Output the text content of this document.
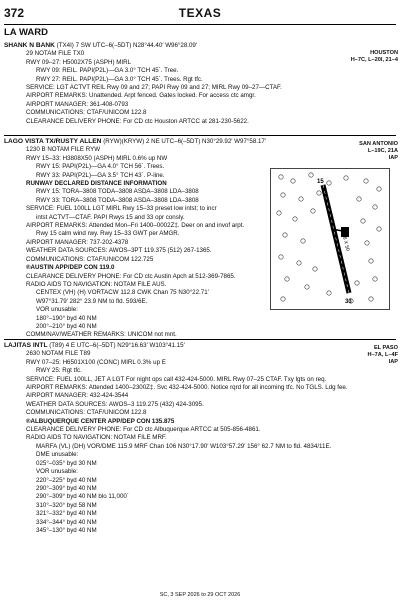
372	TEXAS
LA WARD
SHANK N BANK (TX4I) 7 SW UTC–6(–5DT) N28°44.40′ W96°28.09′
29 NOTAM FILE TX0
RWY 09–27: H5002X75 (ASPH) MIRL
RWY 09: REIL. PAPI(P2L)—GA 3.0° TCH 45´. Tree.
RWY 27: REIL. PAPI(P2L)—GA 3.0° TCH 45´. Trees. Rgt tfc.
SERVICE: LGT ACTVT REIL Rwy 09 and 27; PAPI Rwy 09 and 27; MIRL Rwy 09–27—CTAF.
AIRPORT REMARKS: Unattended. Arpt fenced. Gates locked. For access ctc amgr.
AIRPORT MANAGER: 361-408-0793
COMMUNICATIONS: CTAF/UNICOM 122.8
CLEARANCE DELIVERY PHONE: For CD ctc Houston ARTCC at 281-230-5622.
HOUSTON
H–7C, L–20I, 21–4
LAGO VISTA TX/RUSTY ALLEN (RYW)(KRYW) 2 NE UTC–6(–5DT) N30°29.92′ W97°58.17′
1230 B NOTAM FILE RYW
RWY 15–33: H3808X50 (ASPH) MIRL 0.6% up NW
RWY 15: PAPI(P2L)—GA 4.0° TCH 56´. Trees.
RWY 33: PAPI(P2L)—GA 3.5° TCH 43´. P-line.
RUNWAY DECLARED DISTANCE INFORMATION
RWY 15: TORA–3808 TODA–3808 ASDA–3808 LDA–3808
RWY 33: TORA–3808 TODA–3808 ASDA–3808 LDA–3808
SERVICE: FUEL 100LL LGT MIRL Rwy 15–33 preset low intst; to incr
intst ACTVT—CTAF. PAPI Rwys 15 and 33 opr consly.
AIRPORT REMARKS: Attended Mon–Fri 1400–0002Z‡. Deer on and invof arpt.
Rwy 15 calm wind rwy. Rwy 15–33 GWT per AMGR.
AIRPORT MANAGER: 737-202-4378
WEATHER DATA SOURCES: AWOS–3PT 119.375 (512) 267-1365.
COMMUNICATIONS: CTAF/UNICOM 122.725
®AUSTIN APP/DEP CON 119.0
CLEARANCE DELIVERY PHONE: For CD ctc Austin Apch at 512-369-7865.
RADIO AIDS TO NAVIGATION: NOTAM FILE AUS.
CENTEX (VH) (H) VORTACW 112.8 CWK Chan 75 N30°22.71′
W97°31.79′ 282° 23.9 NM to fld. 593/6E.
VOR unusable:
180°–190° byd 40 NM
200°–210° byd 40 NM
COMM/NAV/WEATHER REMARKS: UNICOM not mnt.
SAN ANTONIO
L–19C, 21A
IAP
15
33
3808 X 50
LAJITAS INTL (T89) 4 E UTC–6(–5DT) N29°16.63′ W103°41.15′
2630 NOTAM FILE T89
RWY 07–25: H6501X100 (CONC) MIRL 0.3% up E
RWY 25: Rgt tfc.
SERVICE: FUEL 100LL, JET A LGT For night ops call 432-424-5000. MIRL Rwy 07–25 CTAF. Txy lgts on req.
AIRPORT REMARKS: Attended 1400–2300Z‡. Svc 432-424-5000. Notice rqrd for all incoming tfc. No TGLS. Ldg fee.
AIRPORT MANAGER: 432-424-3544
WEATHER DATA SOURCES: AWOS–3 119.275 (432) 424-3095.
COMMUNICATIONS: CTAF/UNICOM 122.8
®ALBUQUERQUE CENTER APP/DEP CON 135.875
CLEARANCE DELIVERY PHONE: For CD ctc Albuquerque ARTCC at 505-856-4861.
RADIO AIDS TO NAVIGATION: NOTAM FILE MRF.
MARFA (VL) (DH) VOR/DME 115.9 MRF Chan 106 N30°17.90′ W103°57.29′ 156° 62.7 NM to fld. 4834/11E.
DME unusable:
025°–035° byd 30 NM
VOR unusable:
220°–225° byd 40 NM
290°–309° byd 40 NM
290°–309° byd 40 NM blo 11,000´
310°–320° byd 58 NM
321°–332° byd 40 NM
334°–344° byd 40 NM
345°–130° byd 40 NM
EL PASO
H–7A, L–4F
IAP
SC, 3 SEP 2026 to 29 OCT 2026
